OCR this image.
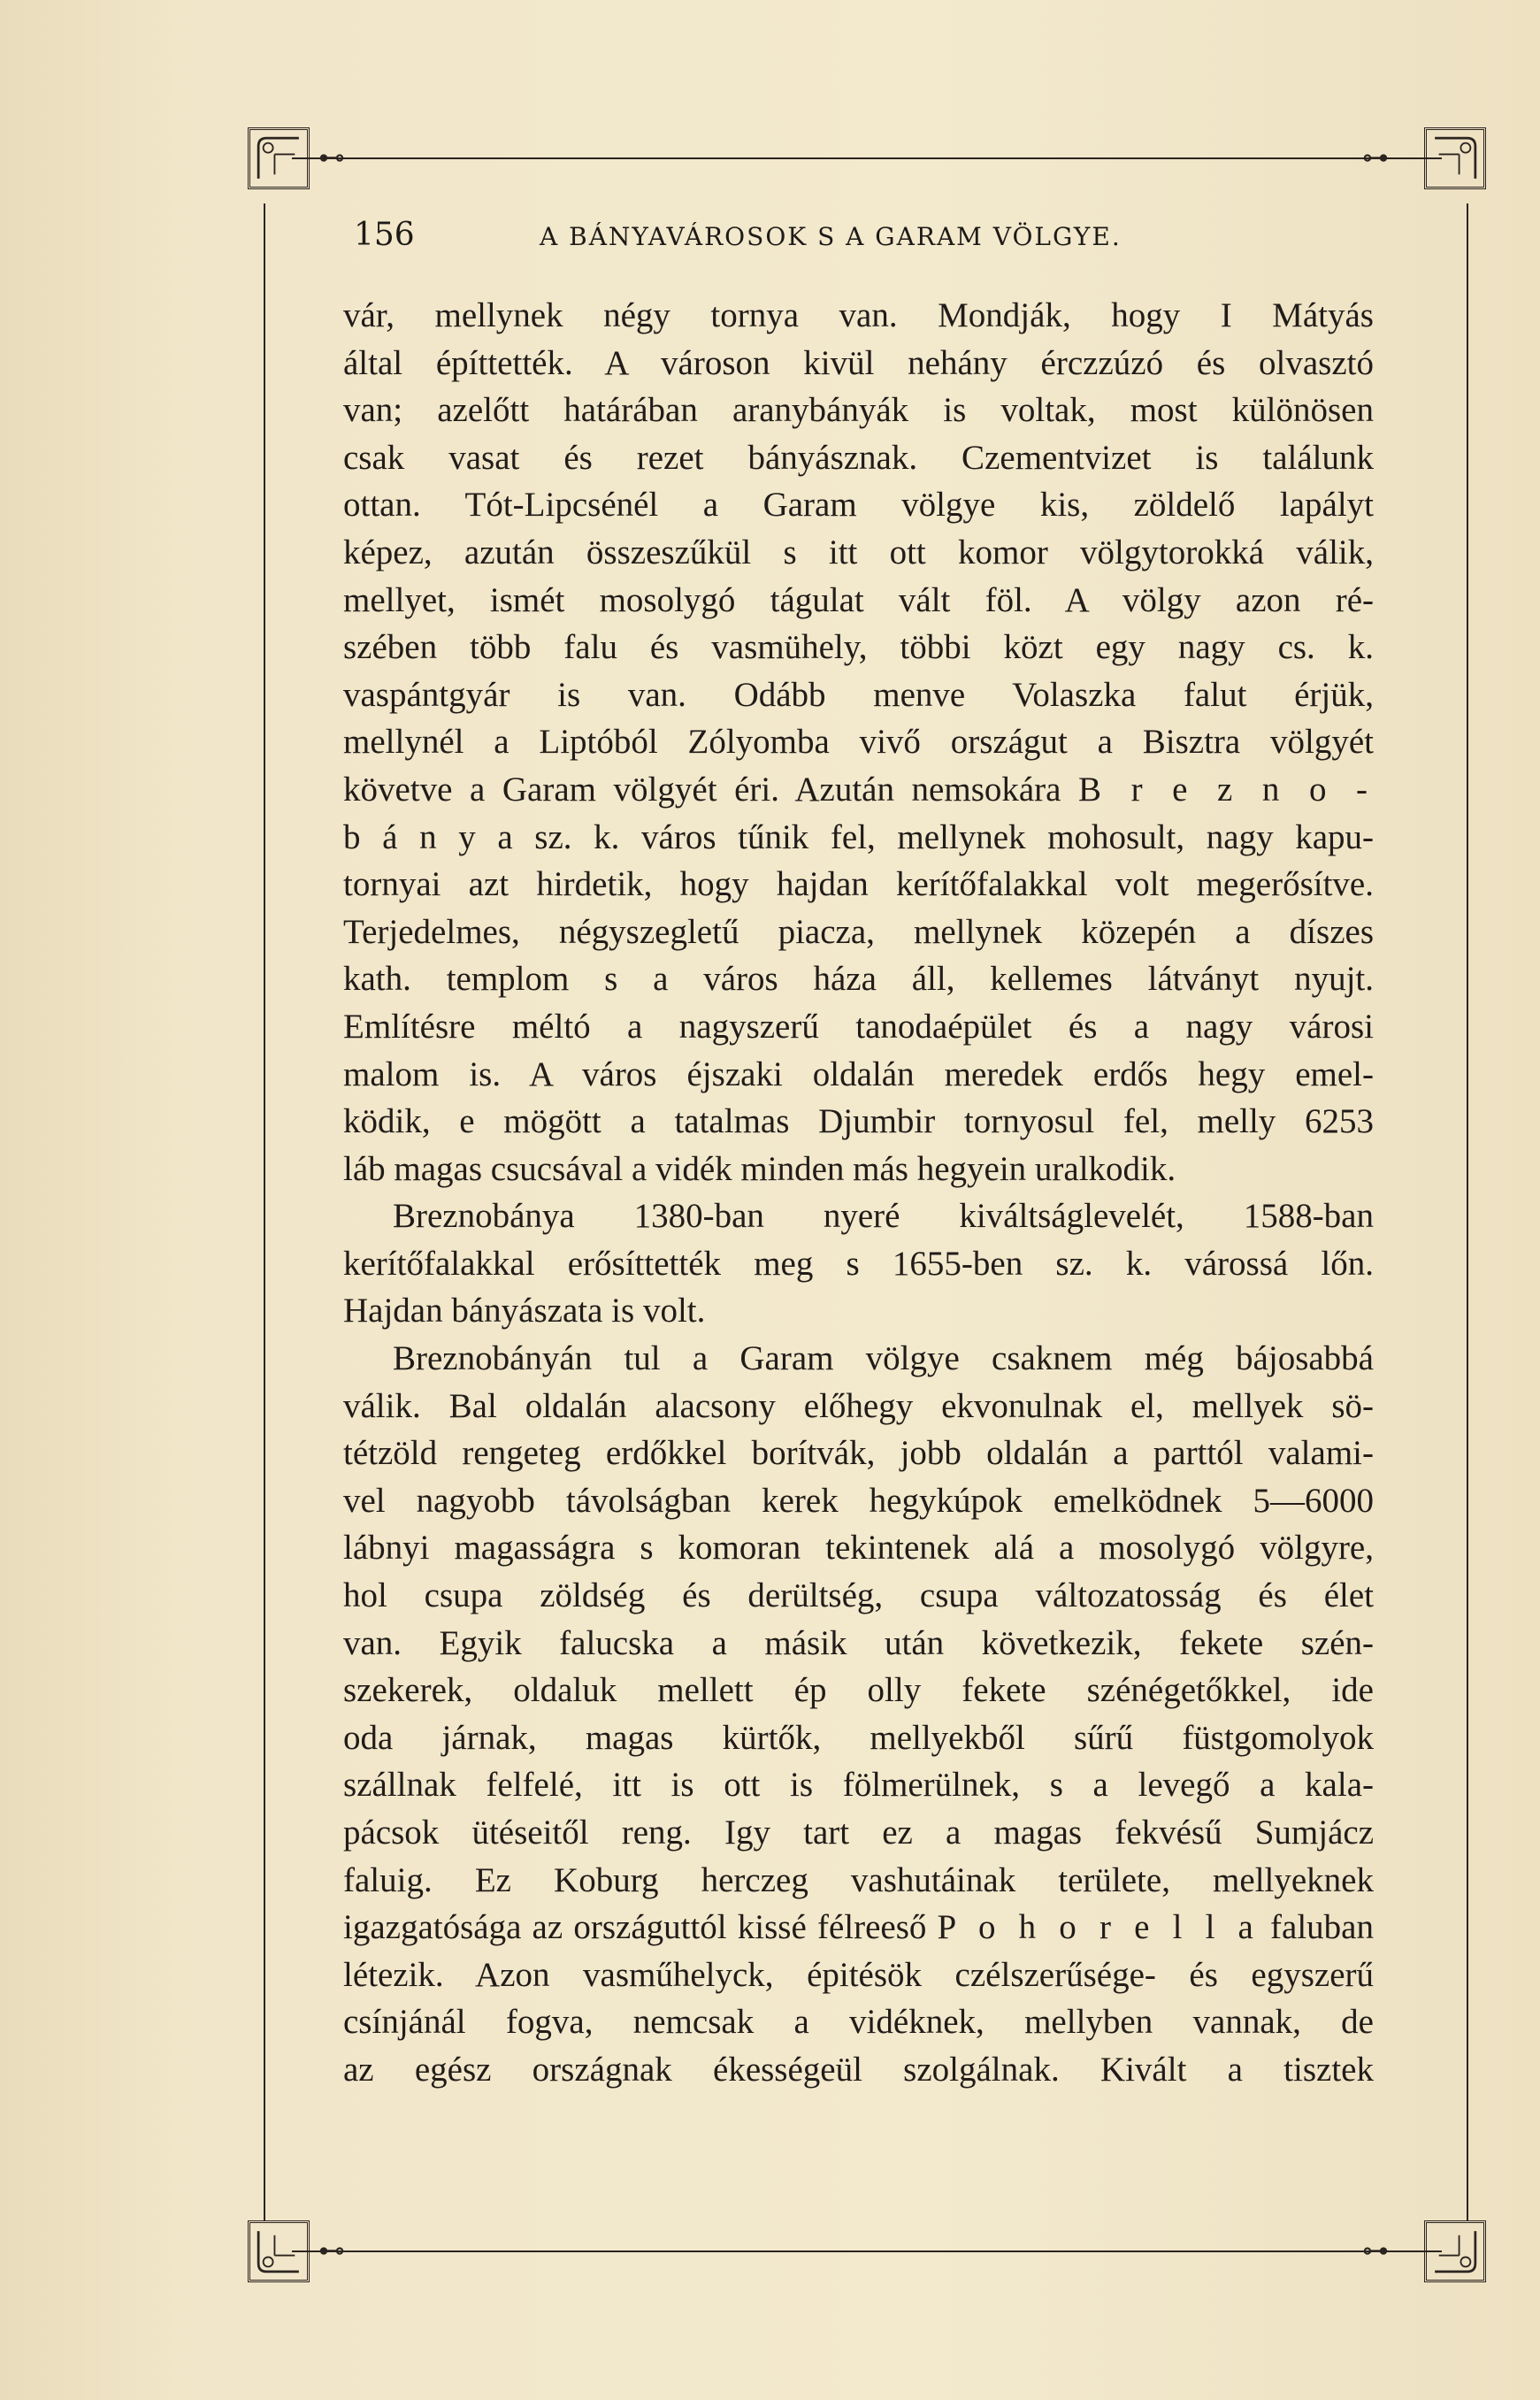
⊷	⊶
⊷	⊶
156	A BÁNYAVÁROSOK S A GARAM VÖLGYE.
vár, mellynek négy tornya van. Mondják, hogy I Mátyás
által építtették. A városon kivül nehány érczzúzó és olvasztó
van; azelőtt határában aranybányák is voltak, most különösen
csak vasat és rezet bányásznak. Czementvizet is találunk
ottan. Tót-Lipcsénél a Garam völgye kis, zöldelő lapályt
képez, azután összeszűkül s itt ott komor völgytorokká válik,
mellyet, ismét mosolygó tágulat vált föl. A völgy azon ré-
szében több falu és vasmühely, többi közt egy nagy cs. k.
vaspántgyár is van. Odább menve Volaszka falut érjük,
mellynél a Liptóból Zólyomba vivő országut a Bisztra völgyét
követve a Garam völgyét éri. Azután nemsokára B r e z n o -
b á n y a sz. k. város tűnik fel, mellynek mohosult, nagy kapu-
tornyai azt hirdetik, hogy hajdan kerítőfalakkal volt megerősítve.
Terjedelmes, négyszegletű piacza, mellynek közepén a díszes
kath. templom s a város háza áll, kellemes látványt nyujt.
Említésre méltó a nagyszerű tanodaépület és a nagy városi
malom is. A város éjszaki oldalán meredek erdős hegy emel-
ködik, e mögött a tatalmas Djumbir tornyosul fel, melly 6253
láb magas csucsával a vidék minden más hegyein uralkodik.
Breznobánya 1380-ban nyeré kiváltságlevelét, 1588-ban
kerítőfalakkal erősíttették meg s 1655-ben sz. k. várossá lőn.
Hajdan bányászata is volt.
Breznobányán tul a Garam völgye csaknem még bájosabbá
válik. Bal oldalán alacsony előhegy ekvonulnak el, mellyek sö-
tétzöld rengeteg erdőkkel borítvák, jobb oldalán a parttól valami-
vel nagyobb távolságban kerek hegykúpok emelködnek 5—6000
lábnyi magasságra s komoran tekintenek alá a mosolygó völgyre,
hol csupa zöldség és derültség, csupa változatosság és élet
van. Egyik falucska a másik után következik, fekete szén-
szekerek, oldaluk mellett ép olly fekete szénégetőkkel, ide
oda járnak, magas kürtők, mellyekből sűrű füstgomolyok
szállnak felfelé, itt is ott is fölmerülnek, s a levegő a kala-
pácsok ütéseitől reng. Igy tart ez a magas fekvésű Sumjácz
faluig. Ez Koburg herczeg vashutáinak területe, mellyeknek
igazgatósága az országuttól kissé félreeső P o h o r e l l a faluban
létezik. Azon vasműhelyck, épitésök czélszerűsége- és egyszerű
csínjánál fogva, nemcsak a vidéknek, mellyben vannak, de
az egész országnak ékességeül szolgálnak. Kivált a tisztek
